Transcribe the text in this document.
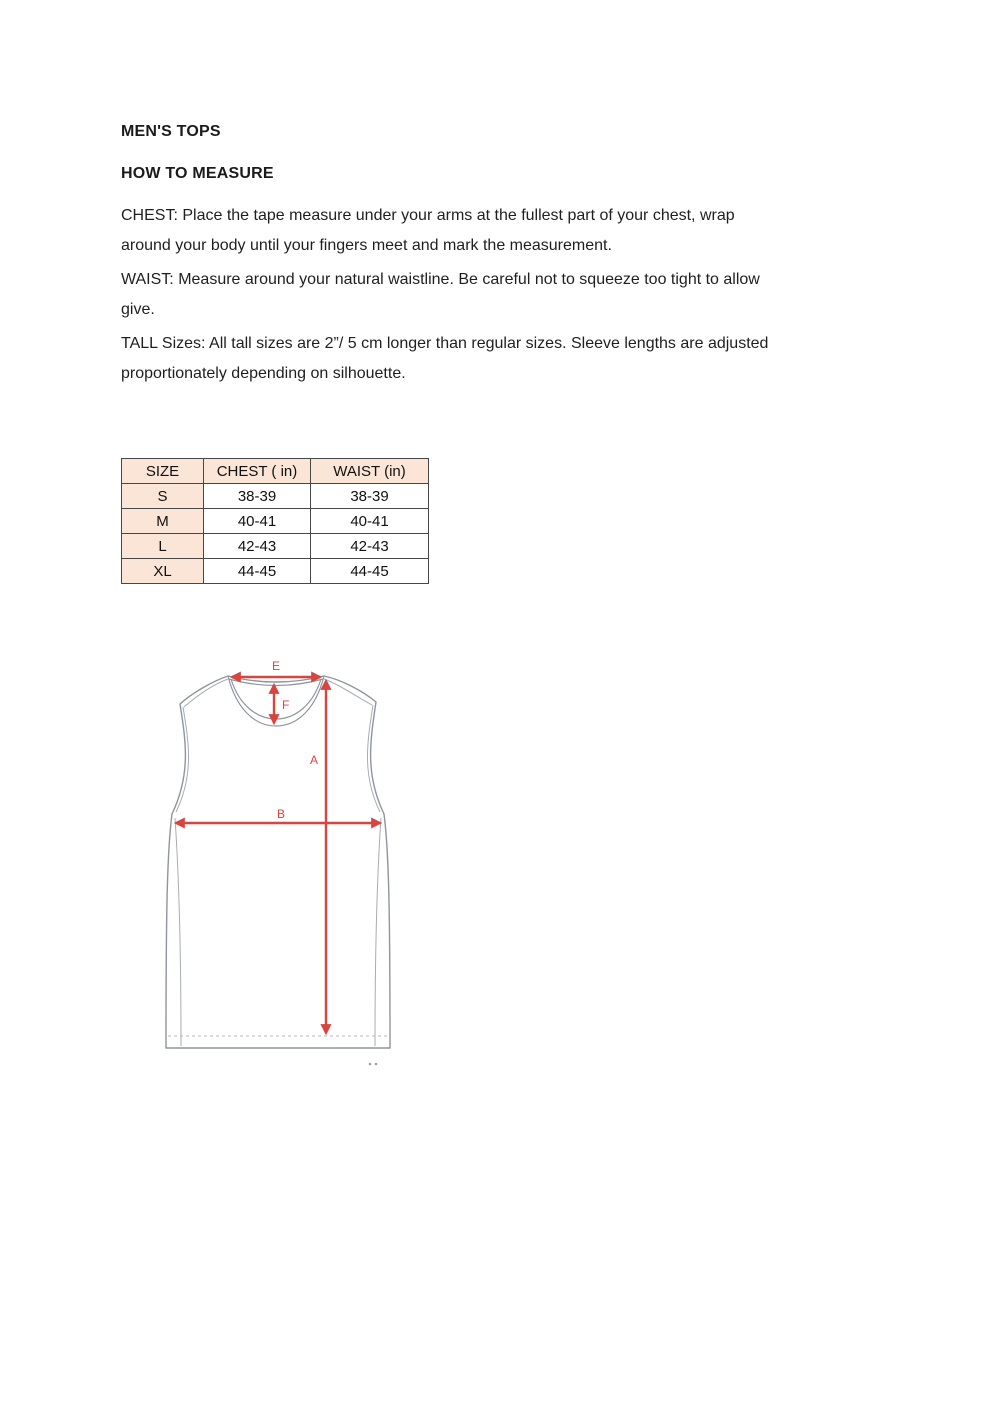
MEN'S TOPS
HOW TO MEASURE

CHEST: Place the tape measure under your arms at the fullest part of your chest, wrap
around your body until your fingers meet and mark the measurement.

WAIST: Measure around your natural waistline. Be careful not to squeeze too tight to allow
give.

TALL Sizes: All tall sizes are 2”/ 5 cm longer than regular sizes. Sleeve lengths are adjusted
proportionately depending on silhouette.

SIZE	CHEST ( in)	WAIST (in)
S	38-39	38-39
M	40-41	40-41
L	42-43	42-43
XL	44-45	44-45
E
F
A
B
